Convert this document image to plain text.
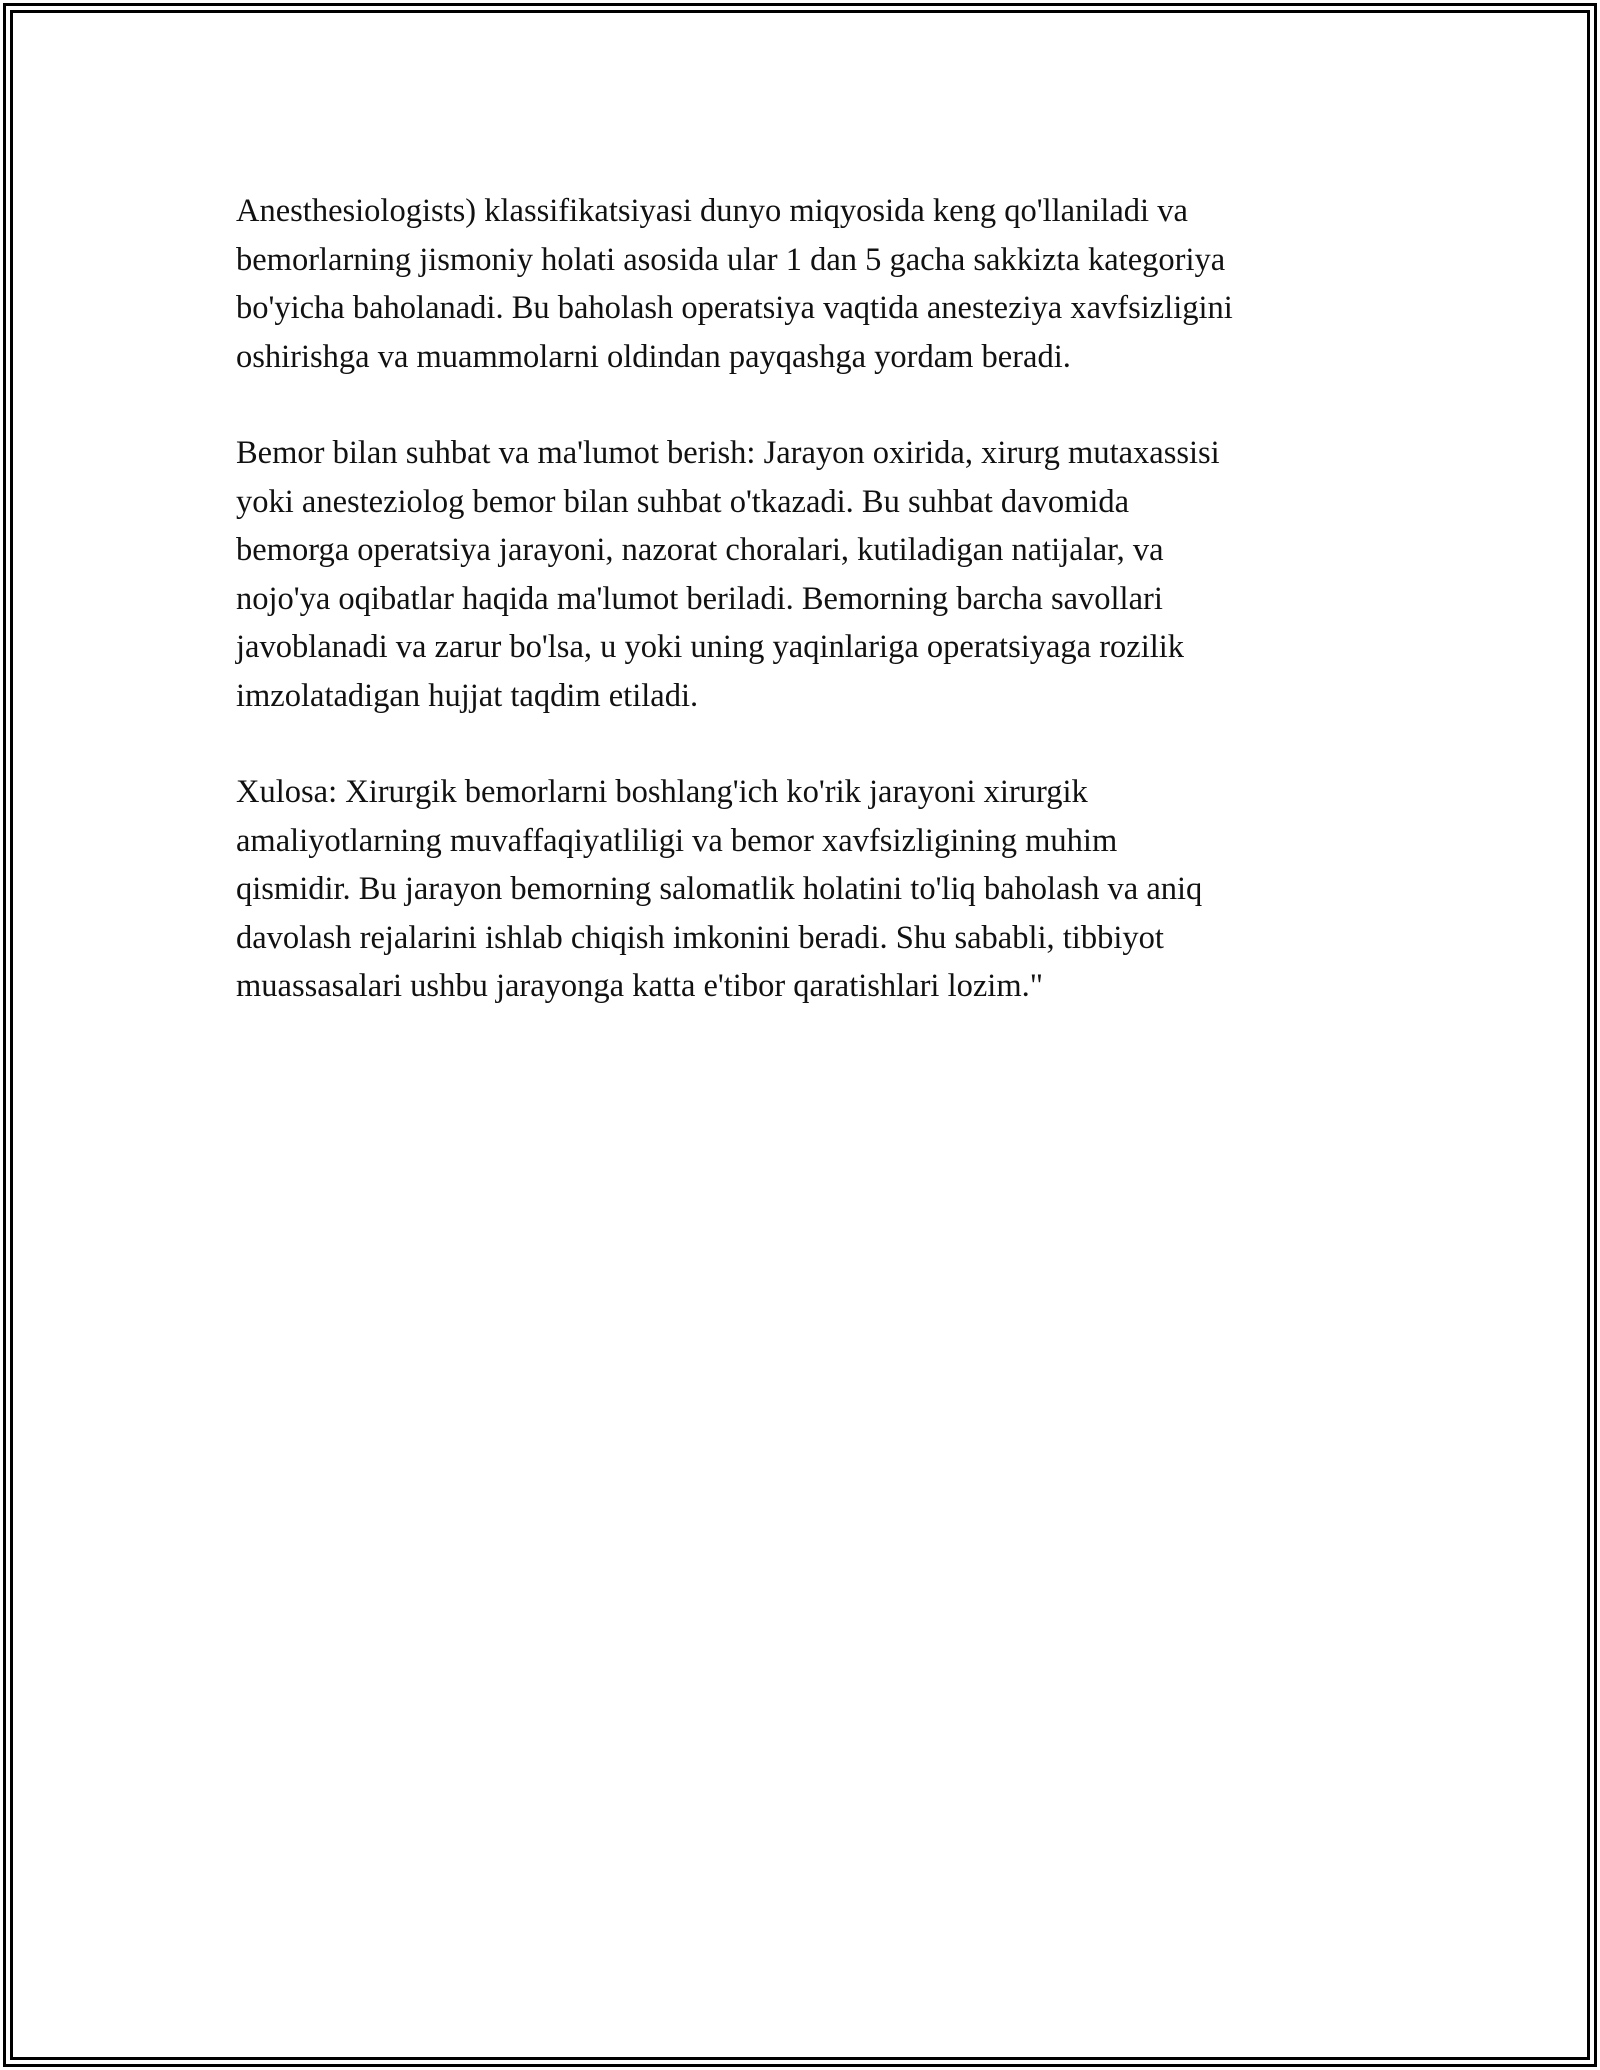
Anesthesiologists) klassifikatsiyasi dunyo miqyosida keng qo'llaniladi va
bemorlarning jismoniy holati asosida ular 1 dan 5 gacha sakkizta kategoriya
bo'yicha baholanadi. Bu baholash operatsiya vaqtida anesteziya xavfsizligini
oshirishga va muammolarni oldindan payqashga yordam beradi.

Bemor bilan suhbat va ma'lumot berish: Jarayon oxirida, xirurg mutaxassisi
yoki anesteziolog bemor bilan suhbat o'tkazadi. Bu suhbat davomida
bemorga operatsiya jarayoni, nazorat choralari, kutiladigan natijalar, va
nojo'ya oqibatlar haqida ma'lumot beriladi. Bemorning barcha savollari
javoblanadi va zarur bo'lsa, u yoki uning yaqinlariga operatsiyaga rozilik
imzolatadigan hujjat taqdim etiladi.

Xulosa: Xirurgik bemorlarni boshlang'ich ko'rik jarayoni xirurgik
amaliyotlarning muvaffaqiyatliligi va bemor xavfsizligining muhim
qismidir. Bu jarayon bemorning salomatlik holatini to'liq baholash va aniq
davolash rejalarini ishlab chiqish imkonini beradi. Shu sababli, tibbiyot
muassasalari ushbu jarayonga katta e'tibor qaratishlari lozim."
